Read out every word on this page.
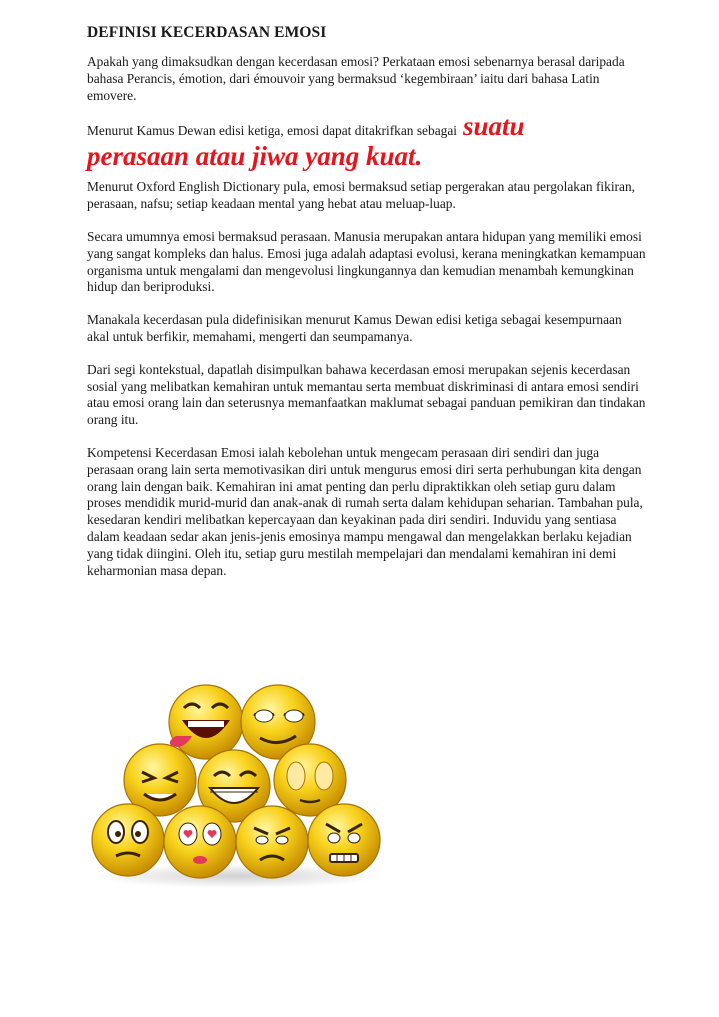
DEFINISI KECERDASAN EMOSI

Apakah yang dimaksudkan dengan kecerdasan emosi? Perkataan emosi sebenarnya berasal daripada bahasa Perancis, émotion, dari émouvoir yang bermaksud ‘kegembiraan’ iaitu dari bahasa Latin emovere.

Menurut Kamus Dewan edisi ketiga, emosi dapat ditakrifkan sebagai suatu
perasaan atau jiwa yang kuat.

Menurut Oxford English Dictionary pula, emosi bermaksud setiap pergerakan atau pergolakan fikiran, perasaan, nafsu; setiap keadaan mental yang hebat atau meluap-luap.

Secara umumnya emosi bermaksud perasaan. Manusia merupakan antara hidupan yang memiliki emosi yang sangat kompleks dan halus. Emosi juga adalah adaptasi evolusi, kerana meningkatkan kemampuan organisma untuk mengalami dan mengevolusi lingkungannya dan kemudian menambah kemungkinan hidup dan beriproduksi.

Manakala kecerdasan pula didefinisikan menurut Kamus Dewan edisi ketiga sebagai kesempurnaan akal untuk berfikir, memahami, mengerti dan seumpamanya.

Dari segi kontekstual, dapatlah disimpulkan bahawa kecerdasan emosi merupakan sejenis kecerdasan sosial yang melibatkan kemahiran untuk memantau serta membuat diskriminasi di antara emosi sendiri atau emosi orang lain dan seterusnya memanfaatkan maklumat sebagai panduan pemikiran dan tindakan orang itu.

Kompetensi Kecerdasan Emosi ialah kebolehan untuk mengecam perasaan diri sendiri dan juga perasaan orang lain serta memotivasikan diri untuk mengurus emosi diri serta perhubungan kita dengan orang lain dengan baik. Kemahiran ini amat penting dan perlu dipraktikkan oleh setiap guru dalam proses mendidik murid-murid dan anak-anak di rumah serta dalam kehidupan seharian. Tambahan pula, kesedaran kendiri melibatkan kepercayaan dan keyakinan pada diri sendiri. Induvidu yang sentiasa dalam keadaan sedar akan jenis-jenis emosinya mampu mengawal dan mengelakkan berlaku kejadian yang tidak diingini. Oleh itu, setiap guru mestilah mempelajari dan mendalami kemahiran ini demi keharmonian masa depan.
